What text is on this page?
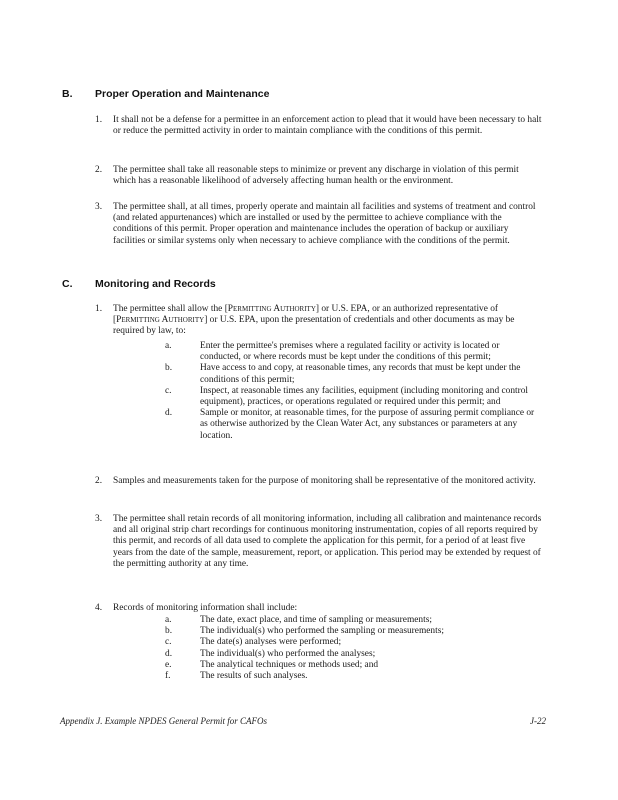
B. Proper Operation and Maintenance
1. It shall not be a defense for a permittee in an enforcement action to plead that it would have been necessary to halt or reduce the permitted activity in order to maintain compliance with the conditions of this permit.
2. The permittee shall take all reasonable steps to minimize or prevent any discharge in violation of this permit which has a reasonable likelihood of adversely affecting human health or the environment.
3. The permittee shall, at all times, properly operate and maintain all facilities and systems of treatment and control (and related appurtenances) which are installed or used by the permittee to achieve compliance with the conditions of this permit. Proper operation and maintenance includes the operation of backup or auxiliary facilities or similar systems only when necessary to achieve compliance with the conditions of the permit.
C. Monitoring and Records
1. The permittee shall allow the [Permitting Authority] or U.S. EPA, or an authorized representative of [Permitting Authority] or U.S. EPA, upon the presentation of credentials and other documents as may be required by law, to:
a.	Enter the permittee's premises where a regulated facility or activity is located or conducted, or where records must be kept under the conditions of this permit;
b.	Have access to and copy, at reasonable times, any records that must be kept under the conditions of this permit;
c.	Inspect, at reasonable times any facilities, equipment (including monitoring and control equipment), practices, or operations regulated or required under this permit; and
d.	Sample or monitor, at reasonable times, for the purpose of assuring permit compliance or as otherwise authorized by the Clean Water Act, any substances or parameters at any location.
2. Samples and measurements taken for the purpose of monitoring shall be representative of the monitored activity.
3. The permittee shall retain records of all monitoring information, including all calibration and maintenance records and all original strip chart recordings for continuous monitoring instrumentation, copies of all reports required by this permit, and records of all data used to complete the application for this permit, for a period of at least five years from the date of the sample, measurement, report, or application. This period may be extended by request of the permitting authority at any time.
4. Records of monitoring information shall include:
a.	The date, exact place, and time of sampling or measurements;
b.	The individual(s) who performed the sampling or measurements;
c.	The date(s) analyses were performed;
d.	The individual(s) who performed the analyses;
e.	The analytical techniques or methods used; and
f.	The results of such analyses.
Appendix J. Example NPDES General Permit for CAFOs	J-22
